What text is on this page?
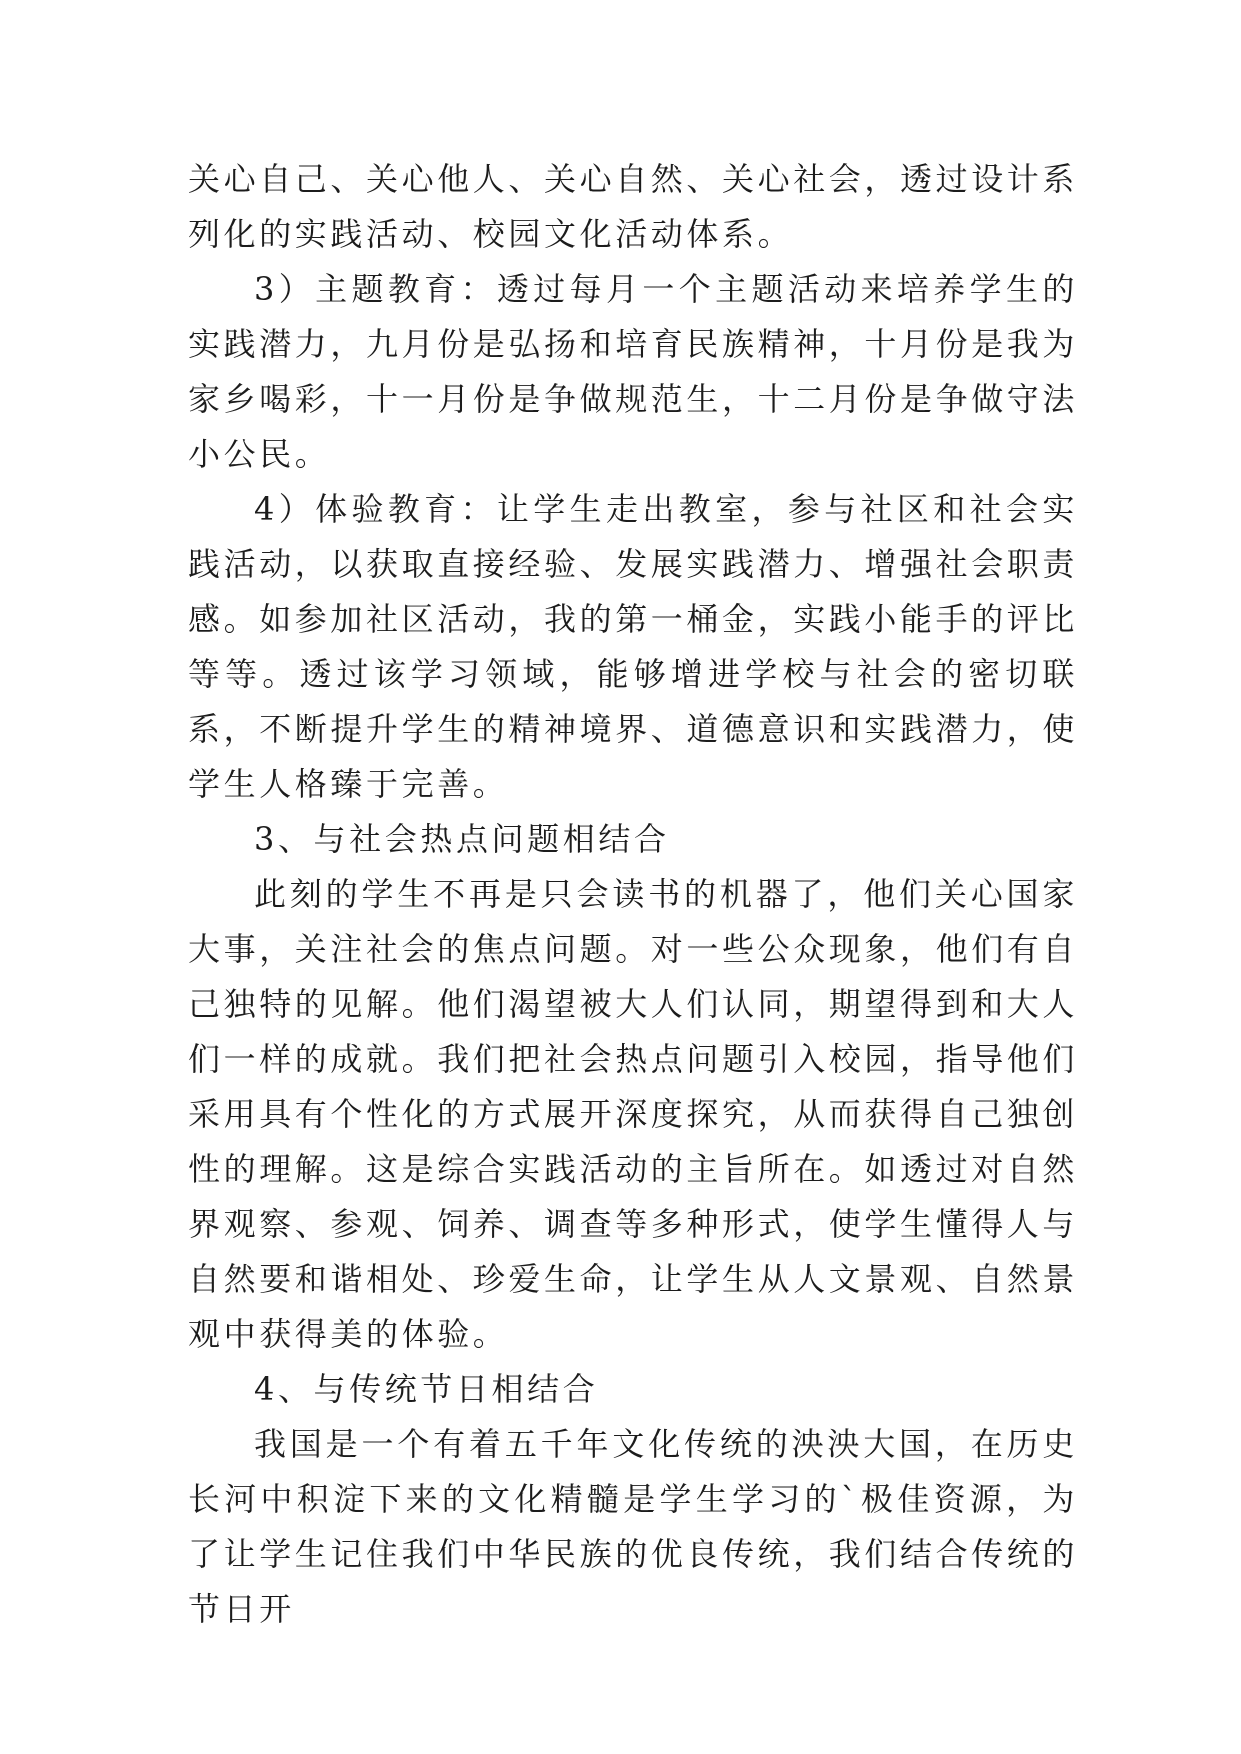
关心自己、关心他人、关心自然、关心社会，透过设计系列化的实践活动、校园文化活动体系。

3）主题教育：透过每月一个主题活动来培养学生的实践潜力，九月份是弘扬和培育民族精神，十月份是我为家乡喝彩，十一月份是争做规范生，十二月份是争做守法小公民。

4）体验教育：让学生走出教室，参与社区和社会实践活动，以获取直接经验、发展实践潜力、增强社会职责感。如参加社区活动，我的第一桶金，实践小能手的评比等等。透过该学习领域，能够增进学校与社会的密切联系，不断提升学生的精神境界、道德意识和实践潜力，使学生人格臻于完善。

3、与社会热点问题相结合

此刻的学生不再是只会读书的机器了，他们关心国家大事，关注社会的焦点问题。对一些公众现象，他们有自己独特的见解。他们渴望被大人们认同，期望得到和大人们一样的成就。我们把社会热点问题引入校园，指导他们采用具有个性化的方式展开深度探究，从而获得自己独创性的理解。这是综合实践活动的主旨所在。如透过对自然界观察、参观、饲养、调查等多种形式，使学生懂得人与自然要和谐相处、珍爱生命，让学生从人文景观、自然景观中获得美的体验。

4、与传统节日相结合

我国是一个有着五千年文化传统的泱泱大国，在历史长河中积淀下来的文化精髓是学生学习的`极佳资源，为了让学生记住我们中华民族的优良传统，我们结合传统的节日开
